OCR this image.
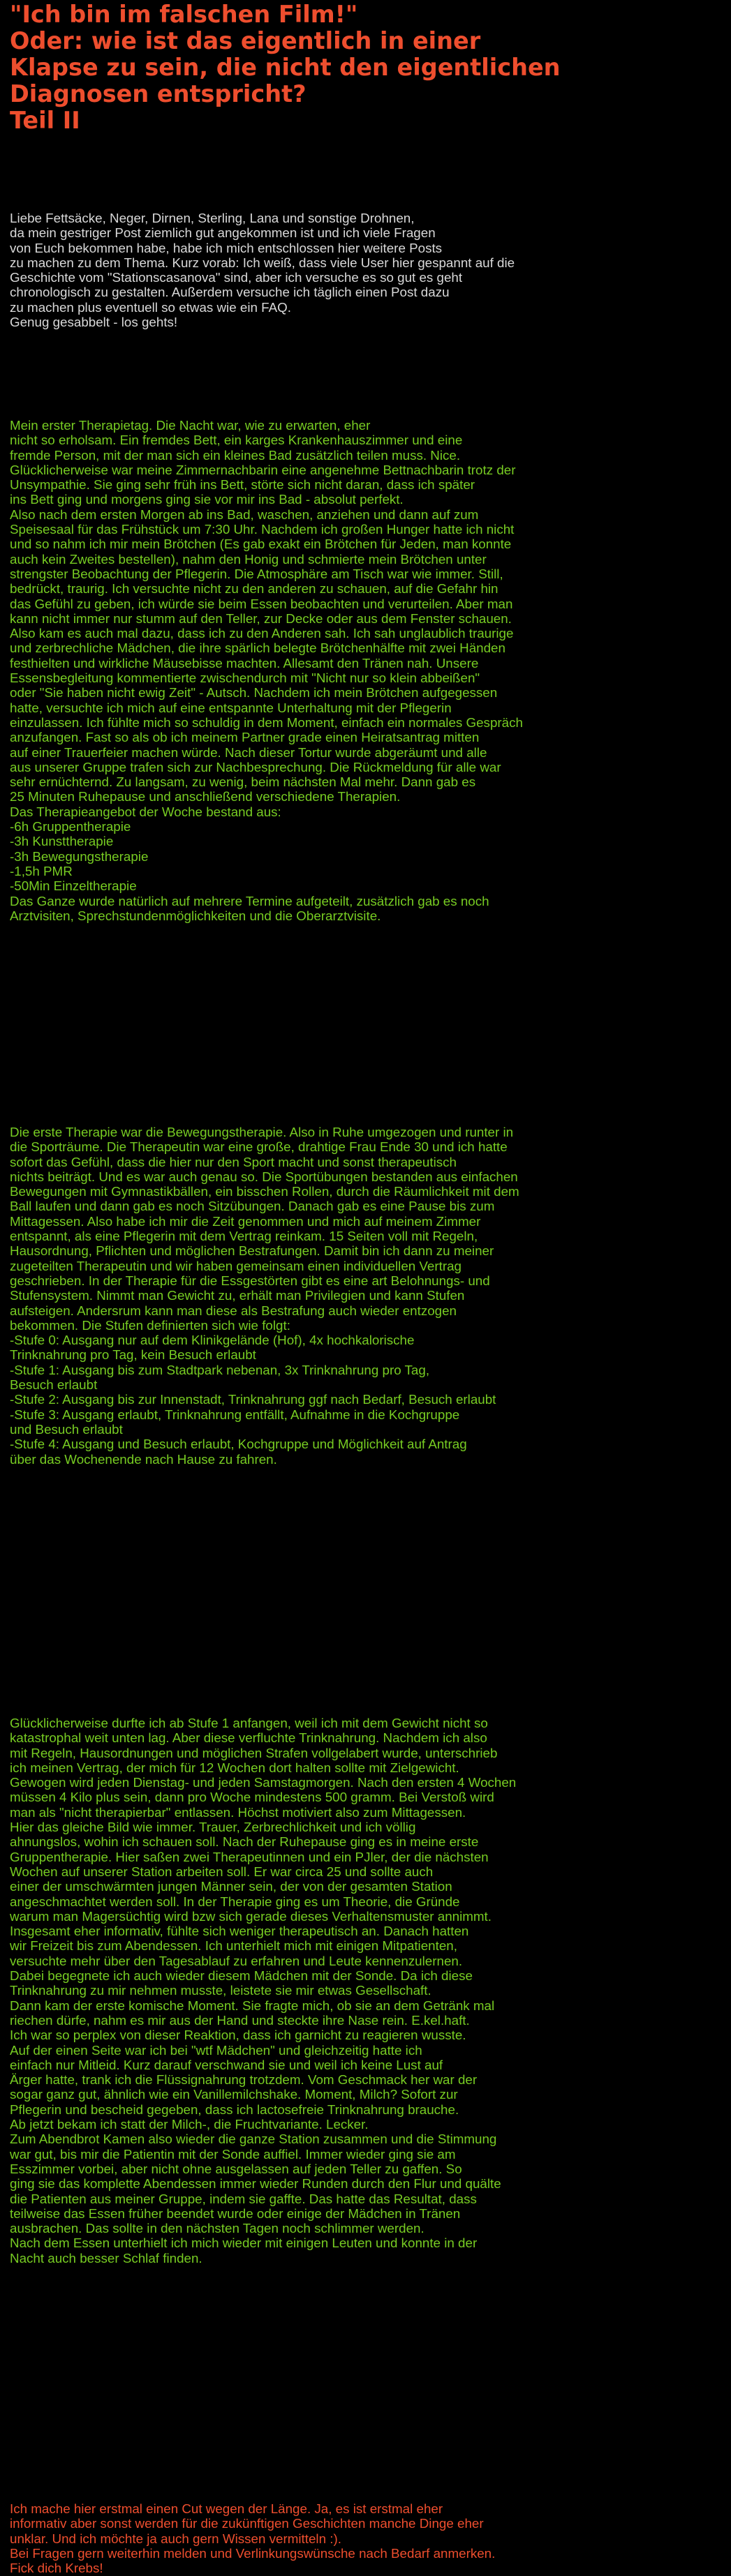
"Ich bin im falschen Film!"
Oder: wie ist das eigentlich in einer
Klapse zu sein, die nicht den eigentlichen
Diagnosen entspricht?
Teil II
Liebe Fettsäcke, Neger, Dirnen, Sterling, Lana und sonstige Drohnen,
da mein gestriger Post ziemlich gut angekommen ist und ich viele Fragen
von Euch bekommen habe, habe ich mich entschlossen hier weitere Posts
zu machen zu dem Thema. Kurz vorab: Ich weiß, dass viele User hier gespannt auf die
Geschichte vom "Stationscasanova" sind, aber ich versuche es so gut es geht
chronologisch zu gestalten. Außerdem versuche ich täglich einen Post dazu
zu machen plus eventuell so etwas wie ein FAQ.
Genug gesabbelt - los gehts!
Mein erster Therapietag. Die Nacht war, wie zu erwarten, eher
nicht so erholsam. Ein fremdes Bett, ein karges Krankenhauszimmer und eine
fremde Person, mit der man sich ein kleines Bad zusätzlich teilen muss. Nice.
Glücklicherweise war meine Zimmernachbarin eine angenehme Bettnachbarin trotz der
Unsympathie. Sie ging sehr früh ins Bett, störte sich nicht daran, dass ich später
ins Bett ging und morgens ging sie vor mir ins Bad - absolut perfekt.
Also nach dem ersten Morgen ab ins Bad, waschen, anziehen und dann auf zum
Speisesaal für das Frühstück um 7:30 Uhr. Nachdem ich großen Hunger hatte ich nicht
und so nahm ich mir mein Brötchen (Es gab exakt ein Brötchen für Jeden, man konnte
auch kein Zweites bestellen), nahm den Honig und schmierte mein Brötchen unter
strengster Beobachtung der Pflegerin. Die Atmosphäre am Tisch war wie immer. Still,
bedrückt, traurig. Ich versuchte nicht zu den anderen zu schauen, auf die Gefahr hin
das Gefühl zu geben, ich würde sie beim Essen beobachten und verurteilen. Aber man
kann nicht immer nur stumm auf den Teller, zur Decke oder aus dem Fenster schauen.
Also kam es auch mal dazu, dass ich zu den Anderen sah. Ich sah unglaublich traurige
und zerbrechliche Mädchen, die ihre spärlich belegte Brötchenhälfte mit zwei Händen
festhielten und wirkliche Mäusebisse machten. Allesamt den Tränen nah. Unsere
Essensbegleitung kommentierte zwischendurch mit "Nicht nur so klein abbeißen"
oder "Sie haben nicht ewig Zeit" - Autsch. Nachdem ich mein Brötchen aufgegessen
hatte, versuchte ich mich auf eine entspannte Unterhaltung mit der Pflegerin
einzulassen. Ich fühlte mich so schuldig in dem Moment, einfach ein normales Gespräch
anzufangen. Fast so als ob ich meinem Partner grade einen Heiratsantrag mitten
auf einer Trauerfeier machen würde. Nach dieser Tortur wurde abgeräumt und alle
aus unserer Gruppe trafen sich zur Nachbesprechung. Die Rückmeldung für alle war
sehr ernüchternd. Zu langsam, zu wenig, beim nächsten Mal mehr. Dann gab es
25 Minuten Ruhepause und anschließend verschiedene Therapien.
Das Therapieangebot der Woche bestand aus:
-6h Gruppentherapie
-3h Kunsttherapie
-3h Bewegungstherapie
-1,5h PMR
-50Min Einzeltherapie
Das Ganze wurde natürlich auf mehrere Termine aufgeteilt, zusätzlich gab es noch
Arztvisiten, Sprechstundenmöglichkeiten und die Oberarztvisite.
Die erste Therapie war die Bewegungstherapie. Also in Ruhe umgezogen und runter in
die Sporträume. Die Therapeutin war eine große, drahtige Frau Ende 30 und ich hatte
sofort das Gefühl, dass die hier nur den Sport macht und sonst therapeutisch
nichts beiträgt. Und es war auch genau so. Die Sportübungen bestanden aus einfachen
Bewegungen mit Gymnastikbällen, ein bisschen Rollen, durch die Räumlichkeit mit dem
Ball laufen und dann gab es noch Sitzübungen. Danach gab es eine Pause bis zum
Mittagessen. Also habe ich mir die Zeit genommen und mich auf meinem Zimmer
entspannt, als eine Pflegerin mit dem Vertrag reinkam. 15 Seiten voll mit Regeln,
Hausordnung, Pflichten und möglichen Bestrafungen. Damit bin ich dann zu meiner
zugeteilten Therapeutin und wir haben gemeinsam einen individuellen Vertrag
geschrieben. In der Therapie für die Essgestörten gibt es eine art Belohnungs- und
Stufensystem. Nimmt man Gewicht zu, erhält man Privilegien und kann Stufen
aufsteigen. Andersrum kann man diese als Bestrafung auch wieder entzogen
bekommen. Die Stufen definierten sich wie folgt:
-Stufe 0: Ausgang nur auf dem Klinikgelände (Hof), 4x hochkalorische
Trinknahrung pro Tag, kein Besuch erlaubt
-Stufe 1: Ausgang bis zum Stadtpark nebenan, 3x Trinknahrung pro Tag,
Besuch erlaubt
-Stufe 2: Ausgang bis zur Innenstadt, Trinknahrung ggf nach Bedarf, Besuch erlaubt
-Stufe 3: Ausgang erlaubt, Trinknahrung entfällt, Aufnahme in die Kochgruppe
und Besuch erlaubt
-Stufe 4: Ausgang und Besuch erlaubt, Kochgruppe und Möglichkeit auf Antrag
über das Wochenende nach Hause zu fahren.
Glücklicherweise durfte ich ab Stufe 1 anfangen, weil ich mit dem Gewicht nicht so
katastrophal weit unten lag. Aber diese verfluchte Trinknahrung. Nachdem ich also
mit Regeln, Hausordnungen und möglichen Strafen vollgelabert wurde, unterschrieb
ich meinen Vertrag, der mich für 12 Wochen dort halten sollte mit Zielgewicht.
Gewogen wird jeden Dienstag- und jeden Samstagmorgen. Nach den ersten 4 Wochen
müssen 4 Kilo plus sein, dann pro Woche mindestens 500 gramm. Bei Verstoß wird
man als "nicht therapierbar" entlassen. Höchst motiviert also zum Mittagessen.
Hier das gleiche Bild wie immer. Trauer, Zerbrechlichkeit und ich völlig
ahnungslos, wohin ich schauen soll. Nach der Ruhepause ging es in meine erste
Gruppentherapie. Hier saßen zwei Therapeutinnen und ein PJler, der die nächsten
Wochen auf unserer Station arbeiten soll. Er war circa 25 und sollte auch
einer der umschwärmten jungen Männer sein, der von der gesamten Station
angeschmachtet werden soll. In der Therapie ging es um Theorie, die Gründe
warum man Magersüchtig wird bzw sich gerade dieses Verhaltensmuster annimmt.
Insgesamt eher informativ, fühlte sich weniger therapeutisch an. Danach hatten
wir Freizeit bis zum Abendessen. Ich unterhielt mich mit einigen Mitpatienten,
versuchte mehr über den Tagesablauf zu erfahren und Leute kennenzulernen.
Dabei begegnete ich auch wieder diesem Mädchen mit der Sonde. Da ich diese
Trinknahrung zu mir nehmen musste, leistete sie mir etwas Gesellschaft.
Dann kam der erste komische Moment. Sie fragte mich, ob sie an dem Getränk mal
riechen dürfe, nahm es mir aus der Hand und steckte ihre Nase rein. E.kel.haft.
Ich war so perplex von dieser Reaktion, dass ich garnicht zu reagieren wusste.
Auf der einen Seite war ich bei "wtf Mädchen" und gleichzeitig hatte ich
einfach nur Mitleid. Kurz darauf verschwand sie und weil ich keine Lust auf
Ärger hatte, trank ich die Flüssignahrung trotzdem. Vom Geschmack her war der
sogar ganz gut, ähnlich wie ein Vanillemilchshake. Moment, Milch? Sofort zur
Pflegerin und bescheid gegeben, dass ich lactosefreie Trinknahrung brauche.
Ab jetzt bekam ich statt der Milch-, die Fruchtvariante. Lecker.
Zum Abendbrot Kamen also wieder die ganze Station zusammen und die Stimmung
war gut, bis mir die Patientin mit der Sonde auffiel. Immer wieder ging sie am
Esszimmer vorbei, aber nicht ohne ausgelassen auf jeden Teller zu gaffen. So
ging sie das komplette Abendessen immer wieder Runden durch den Flur und quälte
die Patienten aus meiner Gruppe, indem sie gaffte. Das hatte das Resultat, dass
teilweise das Essen früher beendet wurde oder einige der Mädchen in Tränen
ausbrachen. Das sollte in den nächsten Tagen noch schlimmer werden.
Nach dem Essen unterhielt ich mich wieder mit einigen Leuten und konnte in der
Nacht auch besser Schlaf finden.
Ich mache hier erstmal einen Cut wegen der Länge. Ja, es ist erstmal eher
informativ aber sonst werden für die zukünftigen Geschichten manche Dinge eher
unklar. Und ich möchte ja auch gern Wissen vermitteln :).
Bei Fragen gern weiterhin melden und Verlinkungswünsche nach Bedarf anmerken.
Fick dich Krebs!
